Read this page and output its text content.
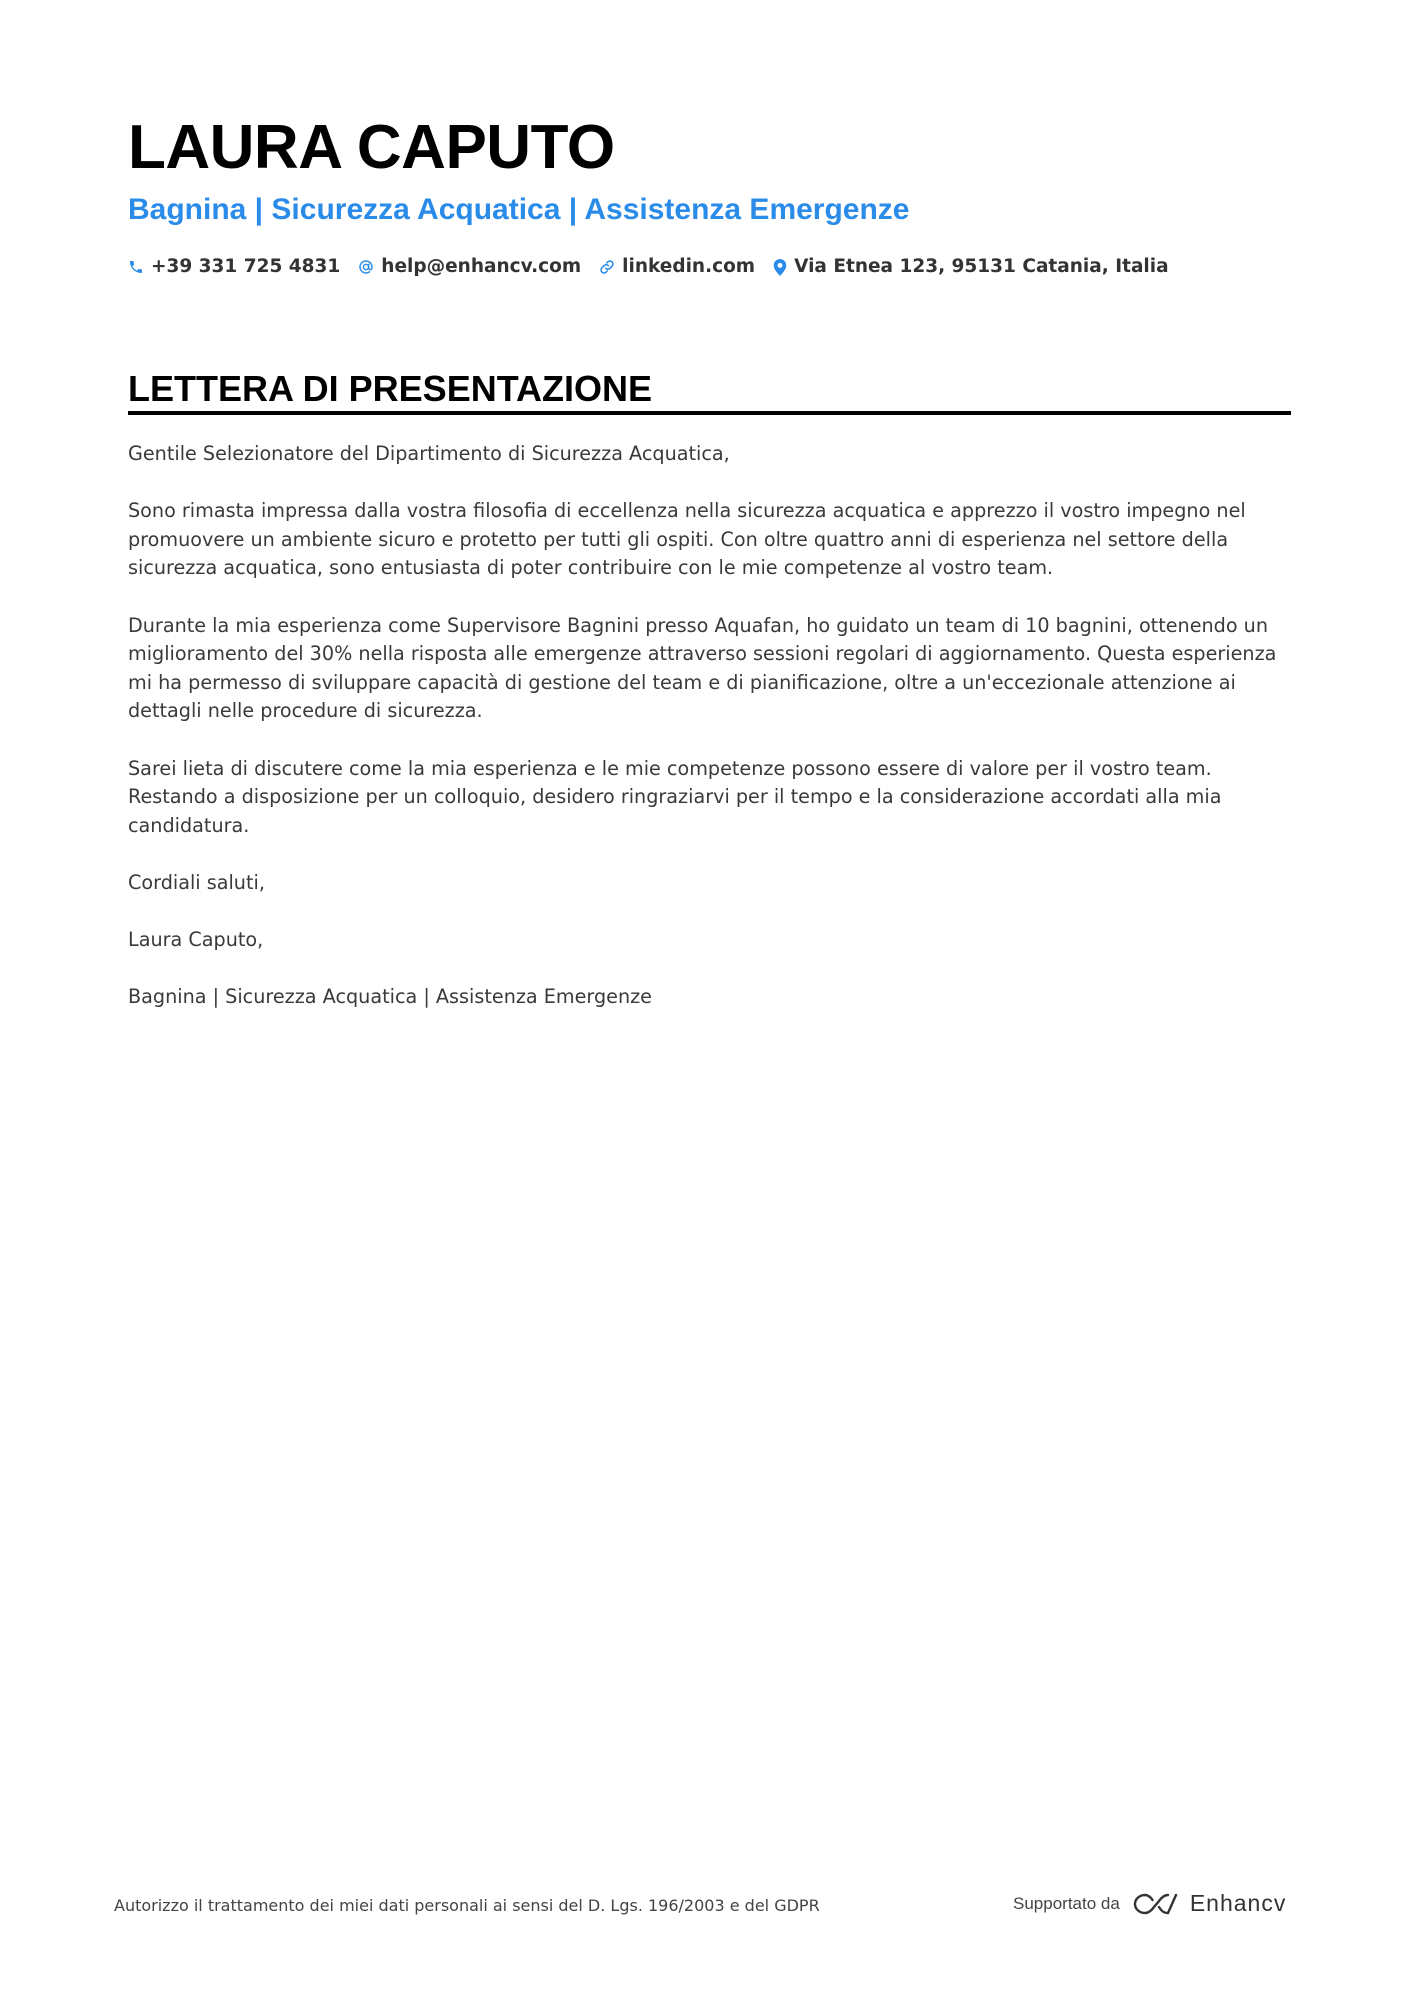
LAURA CAPUTO
Bagnina | Sicurezza Acquatica | Assistenza Emergenze
+39 331 725 4831 help@enhancv.com linkedin.com Via Etnea 123, 95131 Catania, Italia
LETTERA DI PRESENTAZIONE

Gentile Selezionatore del Dipartimento di Sicurezza Acquatica,

Sono rimasta impressa dalla vostra filosofia di eccellenza nella sicurezza acquatica e apprezzo il vostro impegno nel promuovere un ambiente sicuro e protetto per tutti gli ospiti. Con oltre quattro anni di esperienza nel settore della sicurezza acquatica, sono entusiasta di poter contribuire con le mie competenze al vostro team.

Durante la mia esperienza come Supervisore Bagnini presso Aquafan, ho guidato un team di 10 bagnini, ottenendo un miglioramento del 30% nella risposta alle emergenze attraverso sessioni regolari di aggiornamento. Questa esperienza mi ha permesso di sviluppare capacità di gestione del team e di pianificazione, oltre a un'eccezionale attenzione ai dettagli nelle procedure di sicurezza.

Sarei lieta di discutere come la mia esperienza e le mie competenze possono essere di valore per il vostro team. Restando a disposizione per un colloquio, desidero ringraziarvi per il tempo e la considerazione accordati alla mia candidatura.

Cordiali saluti,

Laura Caputo,

Bagnina | Sicurezza Acquatica | Assistenza Emergenze

Autorizzo il trattamento dei miei dati personali ai sensi del D. Lgs. 196/2003 e del GDPR	Supportato da	Enhancv
